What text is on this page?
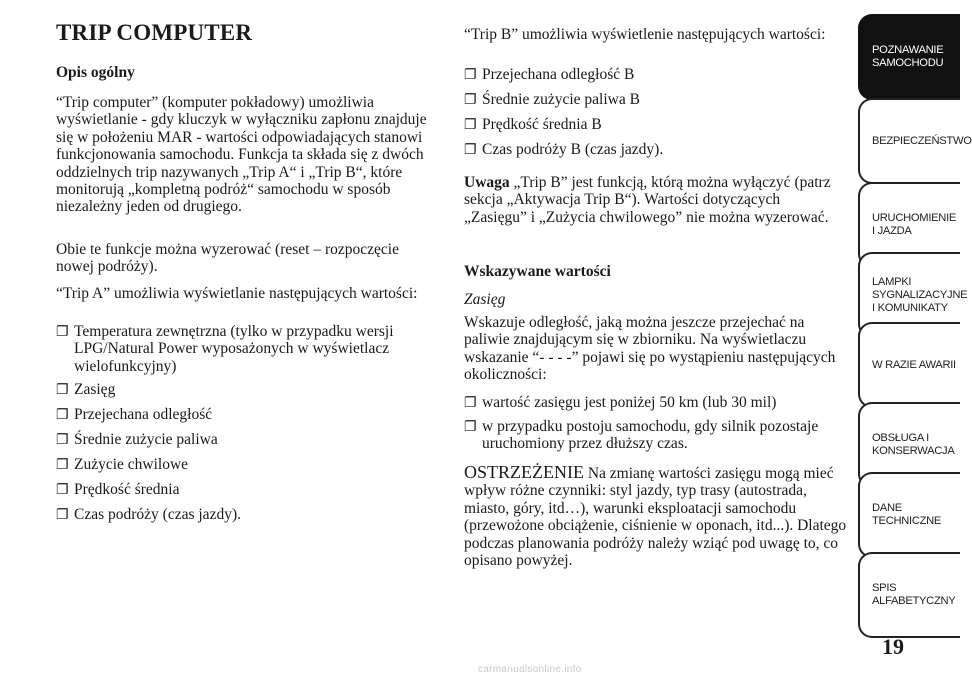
TRIP COMPUTER
Opis ogólny

“Trip computer” (komputer pokładowy) umożliwia wyświetlanie - gdy kluczyk w wyłączniku zapłonu znajduje się w położeniu MAR - wartości odpowiadających stanowi funkcjonowania samochodu. Funkcja ta składa się z dwóch oddzielnych trip nazywanych „Trip A“ i „Trip B“, które monitorują „kompletną podróż“ samochodu w sposób niezależny jeden od drugiego.

Obie te funkcje można wyzerować (reset – rozpoczęcie nowej podróży).

“Trip A” umożliwia wyświetlanie następujących wartości:

❐ Temperatura zewnętrzna (tylko w przypadku wersji LPG/Natural Power wyposażonych w wyświetlacz wielofunkcyjny)
❐ Zasięg
❐ Przejechana odległość
❐ Średnie zużycie paliwa
❐ Zużycie chwilowe
❐ Prędkość średnia
❐ Czas podróży (czas jazdy).

“Trip B” umożliwia wyświetlenie następujących wartości:

❐ Przejechana odległość B
❐ Średnie zużycie paliwa B
❐ Prędkość średnia B
❐ Czas podróży B (czas jazdy).

Uwaga „Trip B” jest funkcją, którą można wyłączyć (patrz sekcja „Aktywacja Trip B“). Wartości dotyczących „Zasięgu” i „Zużycia chwilowego” nie można wyzerować.

Wskazywane wartości

Zasięg

Wskazuje odległość, jaką można jeszcze przejechać na paliwie znajdującym się w zbiorniku. Na wyświetlaczu wskazanie “- - - -” pojawi się po wystąpieniu następujących okoliczności:

❐ wartość zasięgu jest poniżej 50 km (lub 30 mil)
❐ w przypadku postoju samochodu, gdy silnik pozostaje uruchomiony przez dłuższy czas.

OSTRZEŻENIE Na zmianę wartości zasięgu mogą mieć wpływ różne czynniki: styl jazdy, typ trasy (autostrada, miasto, góry, itd…), warunki eksploatacji samochodu (przewożone obciążenie, ciśnienie w oponach, itd...). Dlatego podczas planowania podróży należy wziąć pod uwagę to, co opisano powyżej.

POZNAWANIE SAMOCHODU
BEZPIECZEŃSTWO
URUCHOMIENIE I JAZDA
LAMPKI SYGNALIZACYJNE I KOMUNIKATY
W RAZIE AWARII
OBSŁUGA I KONSERWACJA
DANE TECHNICZNE
SPIS ALFABETYCZNY
19
carmanualsonline.info
